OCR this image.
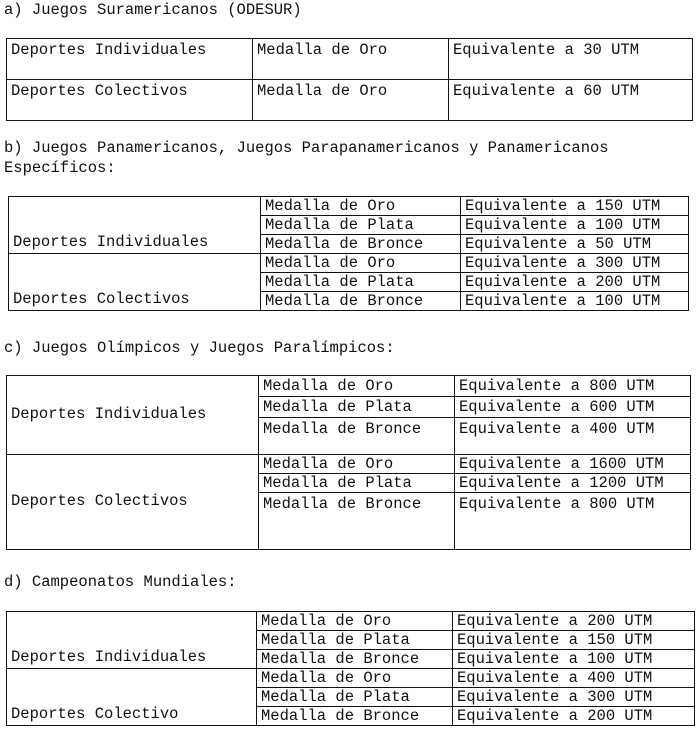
a) Juegos Suramericanos (ODESUR)
Deportes Individuales	Medalla de Oro	Equivalente a 30 UTM
Deportes Colectivos	Medalla de Oro	Equivalente a 60 UTM
b) Juegos Panamericanos, Juegos Parapanamericanos y Panamericanos
Específicos:
Deportes Individuales	Medalla de Oro	Equivalente a 150 UTM
	Medalla de Plata	Equivalente a 100 UTM
	Medalla de Bronce	Equivalente a 50 UTM
Deportes Colectivos	Medalla de Oro	Equivalente a 300 UTM
	Medalla de Plata	Equivalente a 200 UTM
	Medalla de Bronce	Equivalente a 100 UTM
c) Juegos Olímpicos y Juegos Paralímpicos:
Deportes Individuales	Medalla de Oro	Equivalente a 800 UTM
	Medalla de Plata	Equivalente a 600 UTM
	Medalla de Bronce	Equivalente a 400 UTM
Deportes Colectivos	Medalla de Oro	Equivalente a 1600 UTM
	Medalla de Plata	Equivalente a 1200 UTM
	Medalla de Bronce	Equivalente a 800 UTM
d) Campeonatos Mundiales:
Deportes Individuales	Medalla de Oro	Equivalente a 200 UTM
	Medalla de Plata	Equivalente a 150 UTM
	Medalla de Bronce	Equivalente a 100 UTM
Deportes Colectivo	Medalla de Oro	Equivalente a 400 UTM
	Medalla de Plata	Equivalente a 300 UTM
	Medalla de Bronce	Equivalente a 200 UTM
